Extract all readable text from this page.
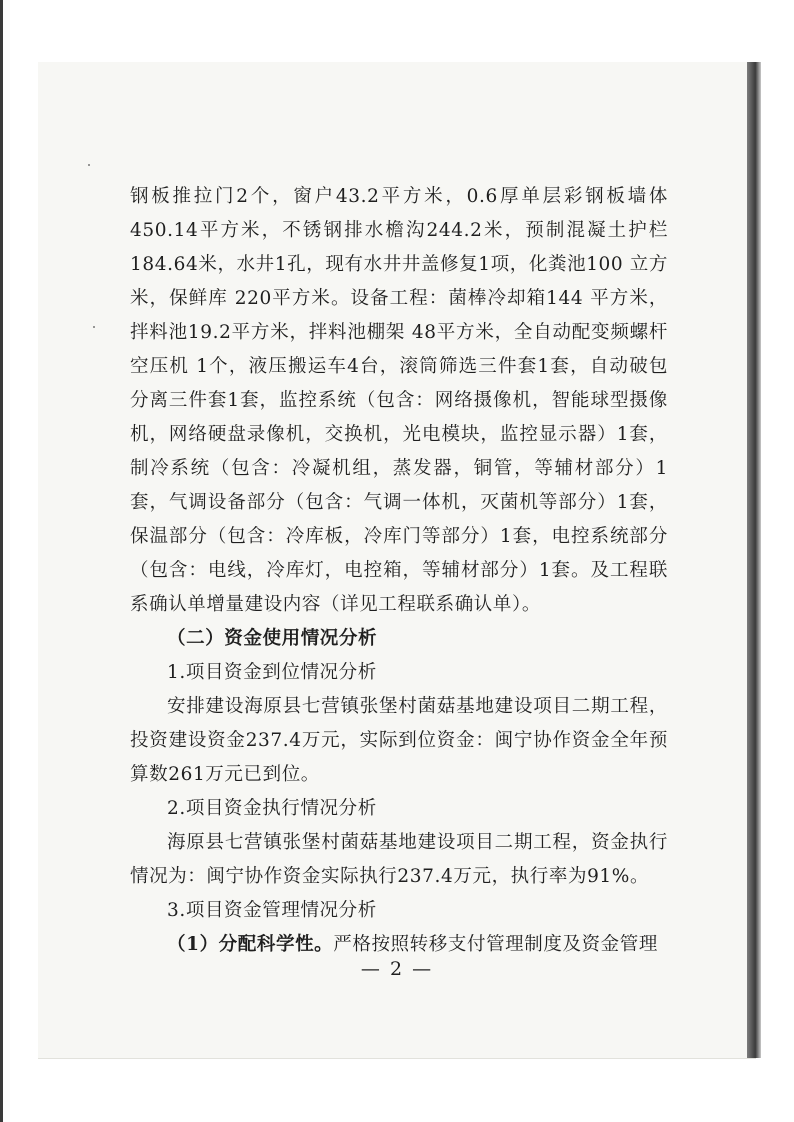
钢板推拉门2个，窗户43.2平方米，0.6厚单层彩钢板墙体450.14平方米，不锈钢排水檐沟244.2米，预制混凝土护栏184.64米，水井1孔，现有水井井盖修复1项，化粪池100 立方米，保鲜库 220平方米。设备工程：菌棒冷却箱144 平方米，拌料池19.2平方米，拌料池棚架 48平方米，全自动配变频螺杆空压机 1个，液压搬运车4台，滚筒筛选三件套1套，自动破包分离三件套1套，监控系统（包含：网络摄像机，智能球型摄像机，网络硬盘录像机，交换机，光电模块，监控显示器）1套，制冷系统（包含：冷凝机组，蒸发器，铜管，等辅材部分）1套，气调设备部分（包含：气调一体机，灭菌机等部分）1套，保温部分（包含：冷库板，冷库门等部分）1套，电控系统部分（包含：电线，冷库灯，电控箱，等辅材部分）1套。及工程联系确认单增量建设内容（详见工程联系确认单）。

（二）资金使用情况分析

1.项目资金到位情况分析

安排建设海原县七营镇张堡村菌菇基地建设项目二期工程，投资建设资金237.4万元，实际到位资金：闽宁协作资金全年预算数261万元已到位。

2.项目资金执行情况分析

海原县七营镇张堡村菌菇基地建设项目二期工程，资金执行情况为：闽宁协作资金实际执行237.4万元，执行率为91%。

3.项目资金管理情况分析

（1）分配科学性。严格按照转移支付管理制度及资金管理

— 2 —
